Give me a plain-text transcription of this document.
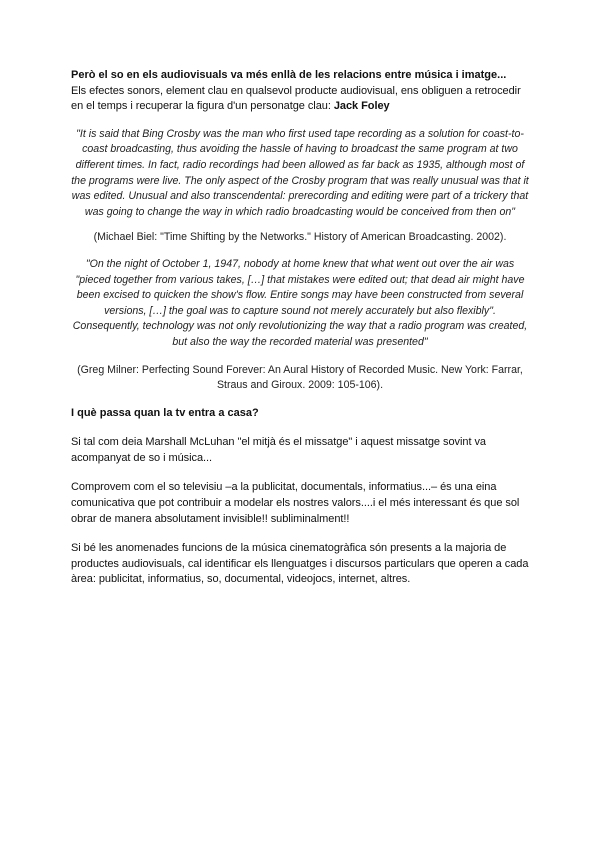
Però el so en els audiovisuals va més enllà de les relacions entre música i imatge...

Els efectes sonors, element clau en qualsevol producte audiovisual, ens obliguen a retrocedir en el temps i recuperar la figura d'un personatge clau: Jack Foley

"It is said that Bing Crosby was the man who first used tape recording as a solution for coast-to-coast broadcasting, thus avoiding the hassle of having to broadcast the same program at two different times. In fact, radio recordings had been allowed as far back as 1935, although most of the programs were live. The only aspect of the Crosby program that was really unusual was that it was edited. Unusual and also transcendental: prerecording and editing were part of a trickery that was going to change the way in which radio broadcasting would be conceived from then on"

(Michael Biel: "Time Shifting by the Networks." History of American Broadcasting. 2002).

"On the night of October 1, 1947, nobody at home knew that what went out over the air was "pieced together from various takes, […] that mistakes were edited out; that dead air might have been excised to quicken the show's flow. Entire songs may have been constructed from several versions, […] the goal was to capture sound not merely accurately but also flexibly". Consequently, technology was not only revolutionizing the way that a radio program was created, but also the way the recorded material was presented"

(Greg Milner: Perfecting Sound Forever: An Aural History of Recorded Music. New York: Farrar, Straus and Giroux. 2009: 105-106).

I què passa quan la tv entra a casa?

Si tal com deia Marshall McLuhan "el mitjà és el missatge" i aquest missatge sovint va acompanyat de so i música...

Comprovem com el so televisiu –a la publicitat, documentals, informatius...– és una eina comunicativa que pot contribuir a modelar els nostres valors....i el més interessant és que sol obrar de manera absolutament invisible!! subliminalment!!

Si bé les anomenades funcions de la música cinematogràfica són presents a la majoria de productes audiovisuals, cal identificar els llenguatges i discursos particulars que operen a cada àrea: publicitat, informatius, so, documental, videojocs, internet, altres.
